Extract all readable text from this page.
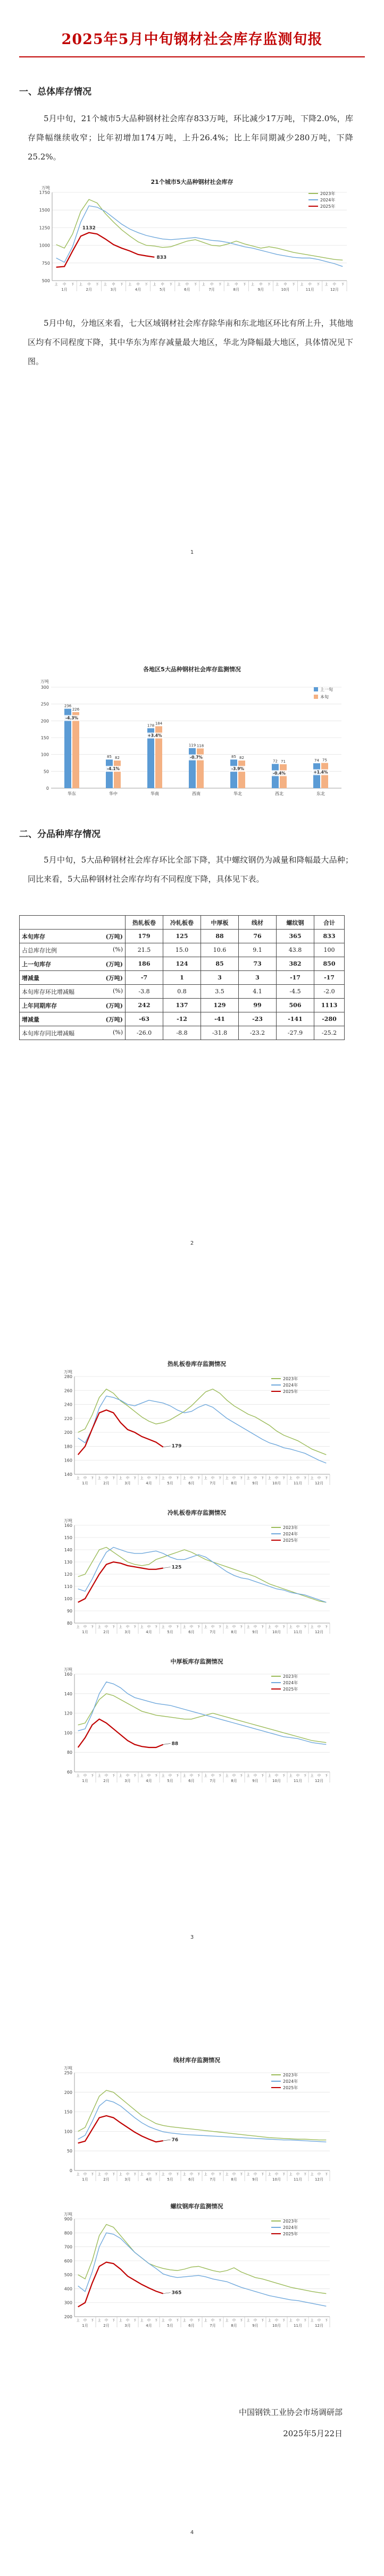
2025年5月中旬钢材社会库存监测旬报
一、总体库存情况
5月中旬，21个城市5大品种钢材社会库存833万吨，环比减少17万吨，下降2.0%，库存降幅继续收窄；比年初增加174万吨，上升26.4%；比上年同期减少280万吨，下降25.2%。
21个城市5大品种钢材社会库存
万吨
500
750
1000
1250
1500
1750
上 中 下
1月
上 中 下
2月
上 中 下
3月
上 中 下
4月
上 中 下
5月
上 中 下
6月
上 中 下
7月
上 中 下
8月
上 中 下
9月
上 中 下
10月
上 中 下
11月
上 中 下
12月
2023年
2024年
2025年
1132
833
5月中旬，分地区来看，七大区域钢材社会库存除华南和东北地区环比有所上升，其他地区均有不同程度下降，其中华东为库存减量最大地区，华北为降幅最大地区，具体情况见下图。
1
各地区5大品种钢材社会库存监测情况
万吨
0
50
100
150
200
250
300
华东
236
226
-4.3%
华中
85 82
-4.1%
华南
178 184
+3.4%
西南
119 118
-0.7%
华北
85 82
-3.9%
西北
72 71
-0.4%
东北
74 75
+1.4%
上一旬
本旬
二、分品种库存情况
5月中旬，5大品种钢材社会库存环比全部下降，其中螺纹钢仍为减量和降幅最大品种；同比来看，5大品种钢材社会库存均有不同程度下降，具体见下表。
	热轧板卷	冷轧板卷	中厚板	线材	螺纹钢	合计
本旬库存 (万吨)	179	125	88	76	365	833
占总库存比例 (%)	21.5	15.0	10.6	9.1	43.8	100
上一旬库存 (万吨)	186	124	85	73	382	850
增减量 (万吨)	-7	1	3	3	-17	-17
本旬库存环比增减幅 (%)	-3.8	0.8	3.5	4.1	-4.5	-2.0
上年同期库存 (万吨)	242	137	129	99	506	1113
增减量 (万吨)	-63	-12	-41	-23	-141	-280
本旬库存同比增减幅 (%)	-26.0	-8.8	-31.8	-23.2	-27.9	-25.2
2
热轧板卷库存监测情况
万吨
140
160
180
200
220
240
260
280
上 中 下
1月
上 中 下
2月
上 中 下
3月
上 中 下
4月
上 中 下
5月
上 中 下
6月
上 中 下
7月
上 中 下
8月
上 中 下
9月
上 中 下
10月
上 中 下
11月
上 中 下
12月
2023年
2024年
2025年
179
冷轧板卷库存监测情况
万吨
80
90
100
110
120
130
140
150
160
上 中 下
1月
上 中 下
2月
上 中 下
3月
上 中 下
4月
上 中 下
5月
上 中 下
6月
上 中 下
7月
上 中 下
8月
上 中 下
9月
上 中 下
10月
上 中 下
11月
上 中 下
12月
2023年
2024年
2025年
125
中厚板库存监测情况
万吨
60
80
100
120
140
160
上 中 下
1月
上 中 下
2月
上 中 下
3月
上 中 下
4月
上 中 下
5月
上 中 下
6月
上 中 下
7月
上 中 下
8月
上 中 下
9月
上 中 下
10月
上 中 下
11月
上 中 下
12月
2023年
2024年
2025年
88
3
线材库存监测情况
万吨
0
50
100
150
200
250
上 中 下
1月
上 中 下
2月
上 中 下
3月
上 中 下
4月
上 中 下
5月
上 中 下
6月
上 中 下
7月
上 中 下
8月
上 中 下
9月
上 中 下
10月
上 中 下
11月
上 中 下
12月
2023年
2024年
2025年
76
螺纹钢库存监测情况
万吨
200
300
400
500
600
700
800
900
上 中 下
1月
上 中 下
2月
上 中 下
3月
上 中 下
4月
上 中 下
5月
上 中 下
6月
上 中 下
7月
上 中 下
8月
上 中 下
9月
上 中 下
10月
上 中 下
11月
上 中 下
12月
2023年
2024年
2025年
365
中国钢铁工业协会市场调研部
2025年5月22日
4
